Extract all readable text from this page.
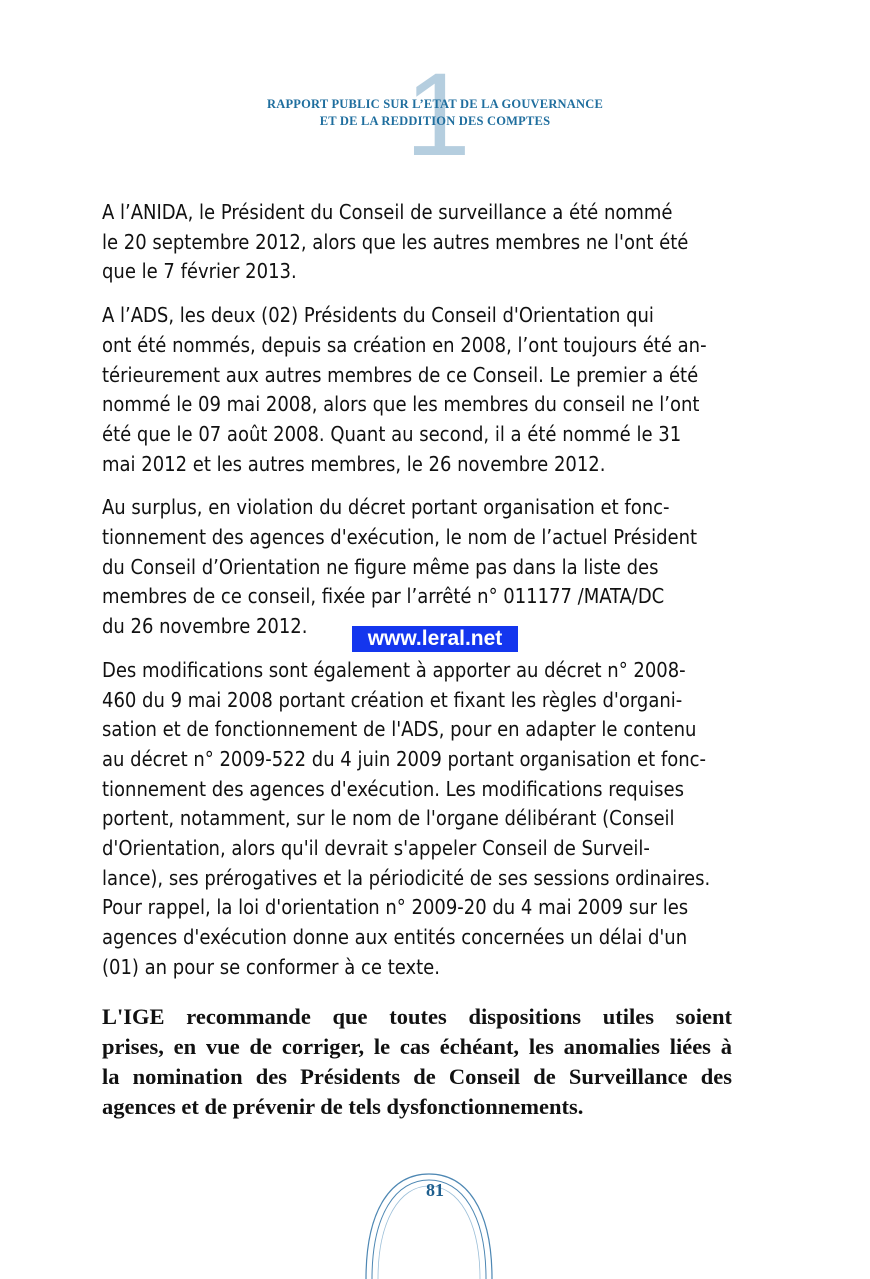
1
RAPPORT PUBLIC SUR L’ETAT DE LA GOUVERNANCE
ET DE LA REDDITION DES COMPTES

A l’ANIDA, le Président du Conseil de surveillance a été nommé
le 20 septembre 2012, alors que les autres membres ne l'ont été
que le 7 février 2013.

A l’ADS, les deux (02) Présidents du Conseil d'Orientation qui
ont été nommés, depuis sa création en 2008, l’ont toujours été an-
térieurement aux autres membres de ce Conseil. Le premier a été
nommé le 09 mai 2008, alors que les membres du conseil ne l’ont
été que le 07 août 2008. Quant au second, il a été nommé le 31
mai 2012 et les autres membres, le 26 novembre 2012.

Au surplus, en violation du décret portant organisation et fonc-
tionnement des agences d'exécution, le nom de l’actuel Président
du Conseil d’Orientation ne figure même pas dans la liste des
membres de ce conseil, fixée par l’arrêté n° 011177 /MATA/DC
du 26 novembre 2012.

Des modifications sont également à apporter au décret n° 2008-
460 du 9 mai 2008 portant création et fixant les règles d'organi-
sation et de fonctionnement de l'ADS, pour en adapter le contenu
au décret n° 2009-522 du 4 juin 2009 portant organisation et fonc-
tionnement des agences d'exécution. Les modifications requises
portent, notamment, sur le nom de l'organe délibérant (Conseil
d'Orientation, alors qu'il devrait s'appeler Conseil de Surveil-
lance), ses prérogatives et la périodicité de ses sessions ordinaires.
Pour rappel, la loi d'orientation n° 2009-20 du 4 mai 2009 sur les
agences d'exécution donne aux entités concernées un délai d'un
(01) an pour se conformer à ce texte.

www.leral.net
L'IGE recommande que toutes dispositions utiles soient
prises, en vue de corriger, le cas échéant, les anomalies liées à
la nomination des Présidents de Conseil de Surveillance des
agences et de prévenir de tels dysfonctionnements.
81
